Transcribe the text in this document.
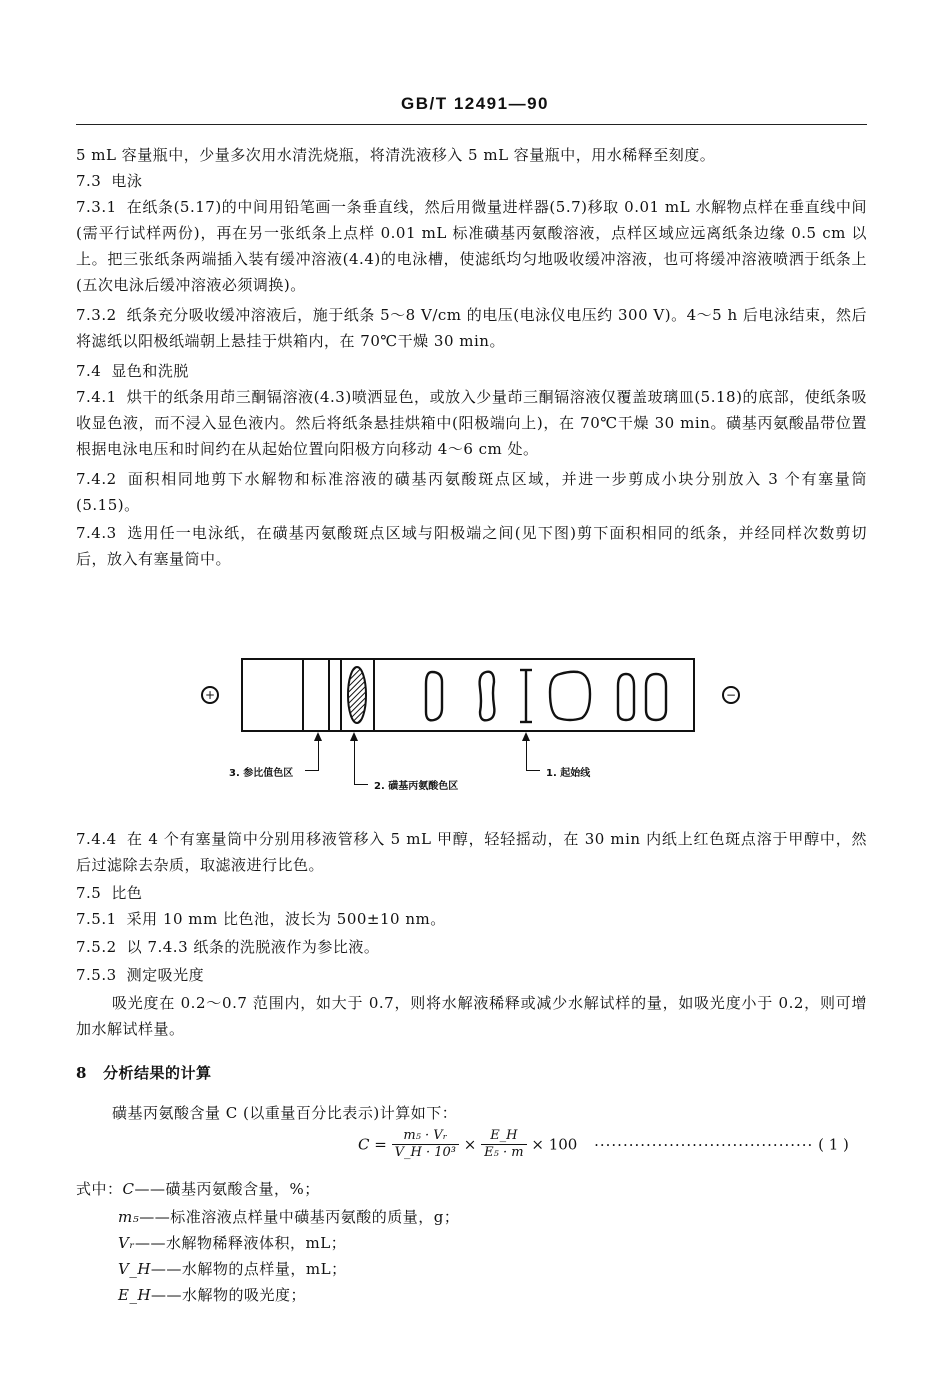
GB/T 12491—90
5 mL 容量瓶中，少量多次用水清洗烧瓶，将清洗液移入 5 mL 容量瓶中，用水稀释至刻度。
7.3 电泳
7.3.1 在纸条(5.17)的中间用铅笔画一条垂直线，然后用微量进样器(5.7)移取 0.01 mL 水解物点样在垂直线中间(需平行试样两份)，再在另一张纸条上点样 0.01 mL 标准磺基丙氨酸溶液，点样区域应远离纸条边缘 0.5 cm 以上。把三张纸条两端插入装有缓冲溶液(4.4)的电泳槽，使滤纸均匀地吸收缓冲溶液，也可将缓冲溶液喷洒于纸条上(五次电泳后缓冲溶液必须调换)。
7.3.2 纸条充分吸收缓冲溶液后，施于纸条 5～8 V/cm 的电压(电泳仪电压约 300 V)。4～5 h 后电泳结束，然后将滤纸以阳极纸端朝上悬挂于烘箱内，在 70℃干燥 30 min。
7.4 显色和洗脱
7.4.1 烘干的纸条用茚三酮镉溶液(4.3)喷洒显色，或放入少量茚三酮镉溶液仅覆盖玻璃皿(5.18)的底部，使纸条吸收显色液，而不浸入显色液内。然后将纸条悬挂烘箱中(阳极端向上)，在 70℃干燥 30 min。磺基丙氨酸晶带位置根据电泳电压和时间约在从起始位置向阳极方向移动 4～6 cm 处。
7.4.2 面积相同地剪下水解物和标准溶液的磺基丙氨酸斑点区域，并进一步剪成小块分别放入 3 个有塞量筒(5.15)。
7.4.3 选用任一电泳纸，在磺基丙氨酸斑点区域与阳极端之间(见下图)剪下面积相同的纸条，并经同样次数剪切后，放入有塞量筒中。
+	−
3. 参比值色区
2. 磺基丙氨酸色区
1. 起始线
7.4.4 在 4 个有塞量筒中分别用移液管移入 5 mL 甲醇，轻轻摇动，在 30 min 内纸上红色斑点溶于甲醇中，然后过滤除去杂质，取滤液进行比色。
7.5 比色
7.5.1 采用 10 mm 比色池，波长为 500±10 nm。
7.5.2 以 7.4.3 纸条的洗脱液作为参比液。
7.5.3 测定吸光度
吸光度在 0.2～0.7 范围内，如大于 0.7，则将水解液稀释或减少水解试样的量，如吸光度小于 0.2，则可增加水解试样量。
8 分析结果的计算
磺基丙氨酸含量 C (以重量百分比表示)计算如下：
$C = \frac{\text{m₅ · Vᵣ}}{\text{V\_H · 10³}} \times \frac{E\_H}{\text{E₅ · m}} \times 100$ ······································ ( 1 )
式中：C——磺基丙氨酸含量，%；
m₅——标准溶液点样量中磺基丙氨酸的质量，g；
Vᵣ——水解物稀释液体积，mL；
V_H——水解物的点样量，mL；
E_H——水解物的吸光度；
